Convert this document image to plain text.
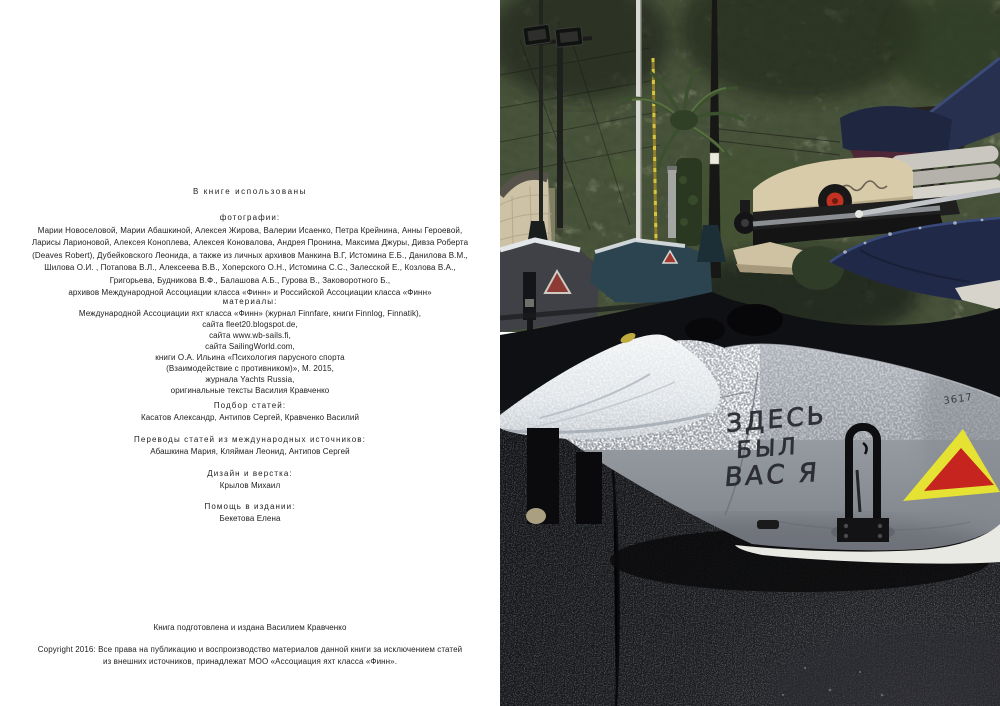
В книге использованы
фотографии:
Марии Новоселовой, Марии Абашкиной, Алексея Жирова, Валерии Исаенко, Петра Крейнина, Анны Героевой,
Ларисы Ларионовой, Алексея Коноплева, Алексея Коновалова, Андрея Пронина, Максима Джуры, Дивза Роберта
(Deaves Robert), Дубейковского Леонида, а также из личных архивов Манкина В.Г, Истомина Е.Б., Данилова В.М.,
Шилова О.И. , Потапова В.Л., Алексеева В.В., Хоперского О.Н., Истомина С.С., Залесской Е., Козлова В.А.,
Григорьева, Будникова В.Ф., Балашова А.Б., Гурова В., Заковоротного Б.,
архивов Международной Ассоциации класса «Финн» и Российской Ассоциации класса «Финн»
материалы:
Международной Ассоциации яхт класса «Финн» (журнал Finnfare, книги Finnlog, Finnatik),
сайта fleet20.blogspot.de,
сайта www.wb-sails.fi,
сайта SailingWorld.com,
книги О.А. Ильина «Психология парусного спорта
(Взаимодействие с противником)», М. 2015,
журнала Yachts Russia,
оригинальные тексты Василия Кравченко
Подбор статей:
Касатов Александр, Антипов Сергей, Кравченко Василий
Переводы статей из международных источников:
Абашкина Мария, Кляйман Леонид, Антипов Сергей
Дизайн и верстка:
Крылов Михаил
Помощь в издании:
Бекетова Елена
Книга подготовлена и издана Василием Кравченко
Copyright 2016: Все права на публикацию и воспроизводство материалов данной книги за исключением статей
из внешних источников, принадлежат МОО «Ассоциация яхт класса «Финн».
3617
ЗДЕСЬ
БЫЛ
ВАС Я
